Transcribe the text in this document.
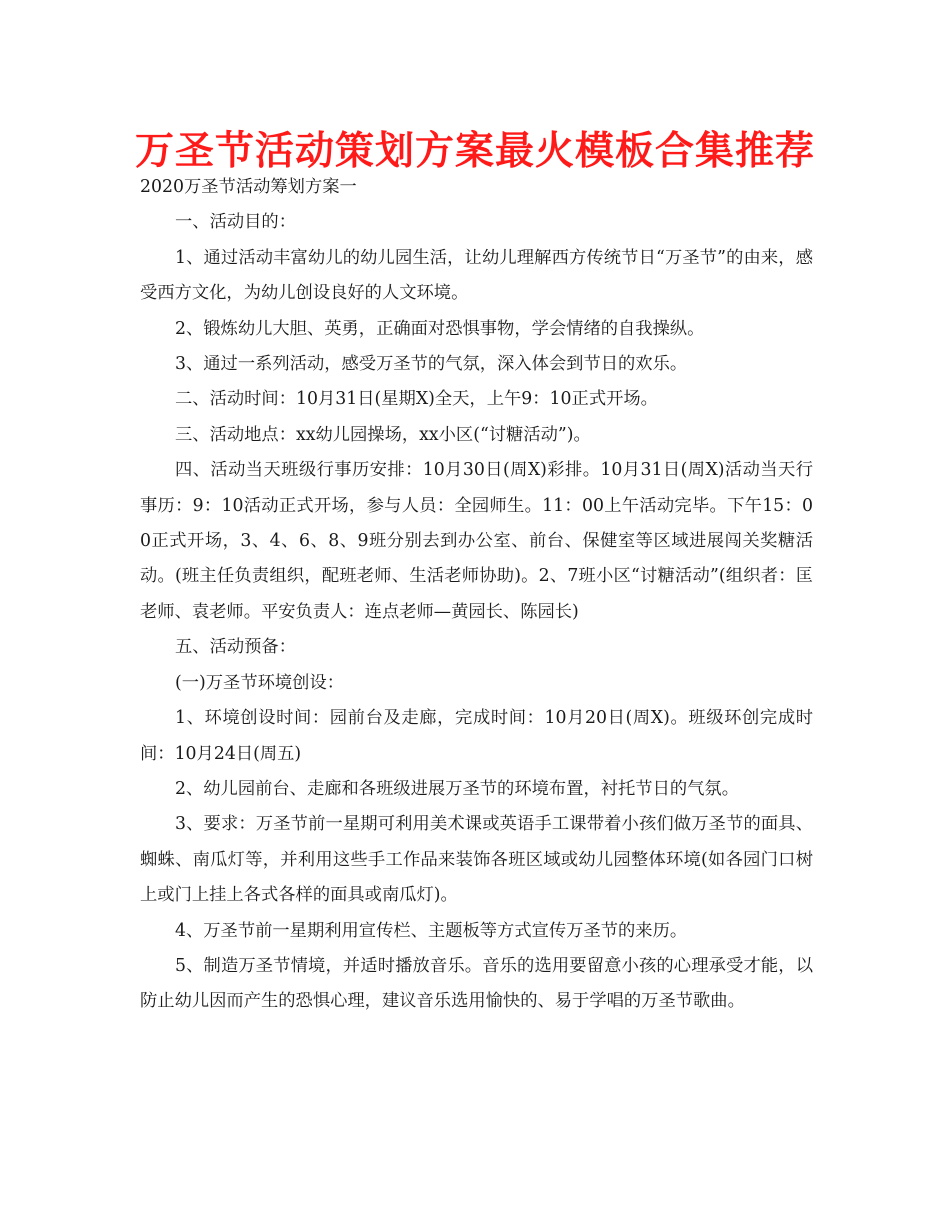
万圣节活动策划方案最火模板合集推荐

2020万圣节活动筹划方案一

一、活动目的：

1、通过活动丰富幼儿的幼儿园生活，让幼儿理解西方传统节日“万圣节”的由来，感受西方文化，为幼儿创设良好的人文环境。

2、锻炼幼儿大胆、英勇，正确面对恐惧事物，学会情绪的自我操纵。

3、通过一系列活动，感受万圣节的气氛，深入体会到节日的欢乐。

二、活动时间：10月31日(星期X)全天，上午9：10正式开场。

三、活动地点：xx幼儿园操场，xx小区(“讨糖活动”)。

四、活动当天班级行事历安排：10月30日(周X)彩排。10月31日(周X)活动当天行事历：9：10活动正式开场，参与人员：全园师生。11：00上午活动完毕。下午15：00正式开场，3、4、6、8、9班分别去到办公室、前台、保健室等区域进展闯关奖糖活动。(班主任负责组织，配班老师、生活老师协助)。2、7班小区“讨糖活动”(组织者：匡老师、袁老师。平安负责人：连点老师—黄园长、陈园长)

五、活动预备：

(一)万圣节环境创设：

1、环境创设时间：园前台及走廊，完成时间：10月20日(周X)。班级环创完成时间：10月24日(周五)

2、幼儿园前台、走廊和各班级进展万圣节的环境布置，衬托节日的气氛。

3、要求：万圣节前一星期可利用美术课或英语手工课带着小孩们做万圣节的面具、蜘蛛、南瓜灯等，并利用这些手工作品来装饰各班区域或幼儿园整体环境(如各园门口树上或门上挂上各式各样的面具或南瓜灯)。

4、万圣节前一星期利用宣传栏、主题板等方式宣传万圣节的来历。

5、制造万圣节情境，并适时播放音乐。音乐的选用要留意小孩的心理承受才能，以防止幼儿因而产生的恐惧心理，建议音乐选用愉快的、易于学唱的万圣节歌曲。
